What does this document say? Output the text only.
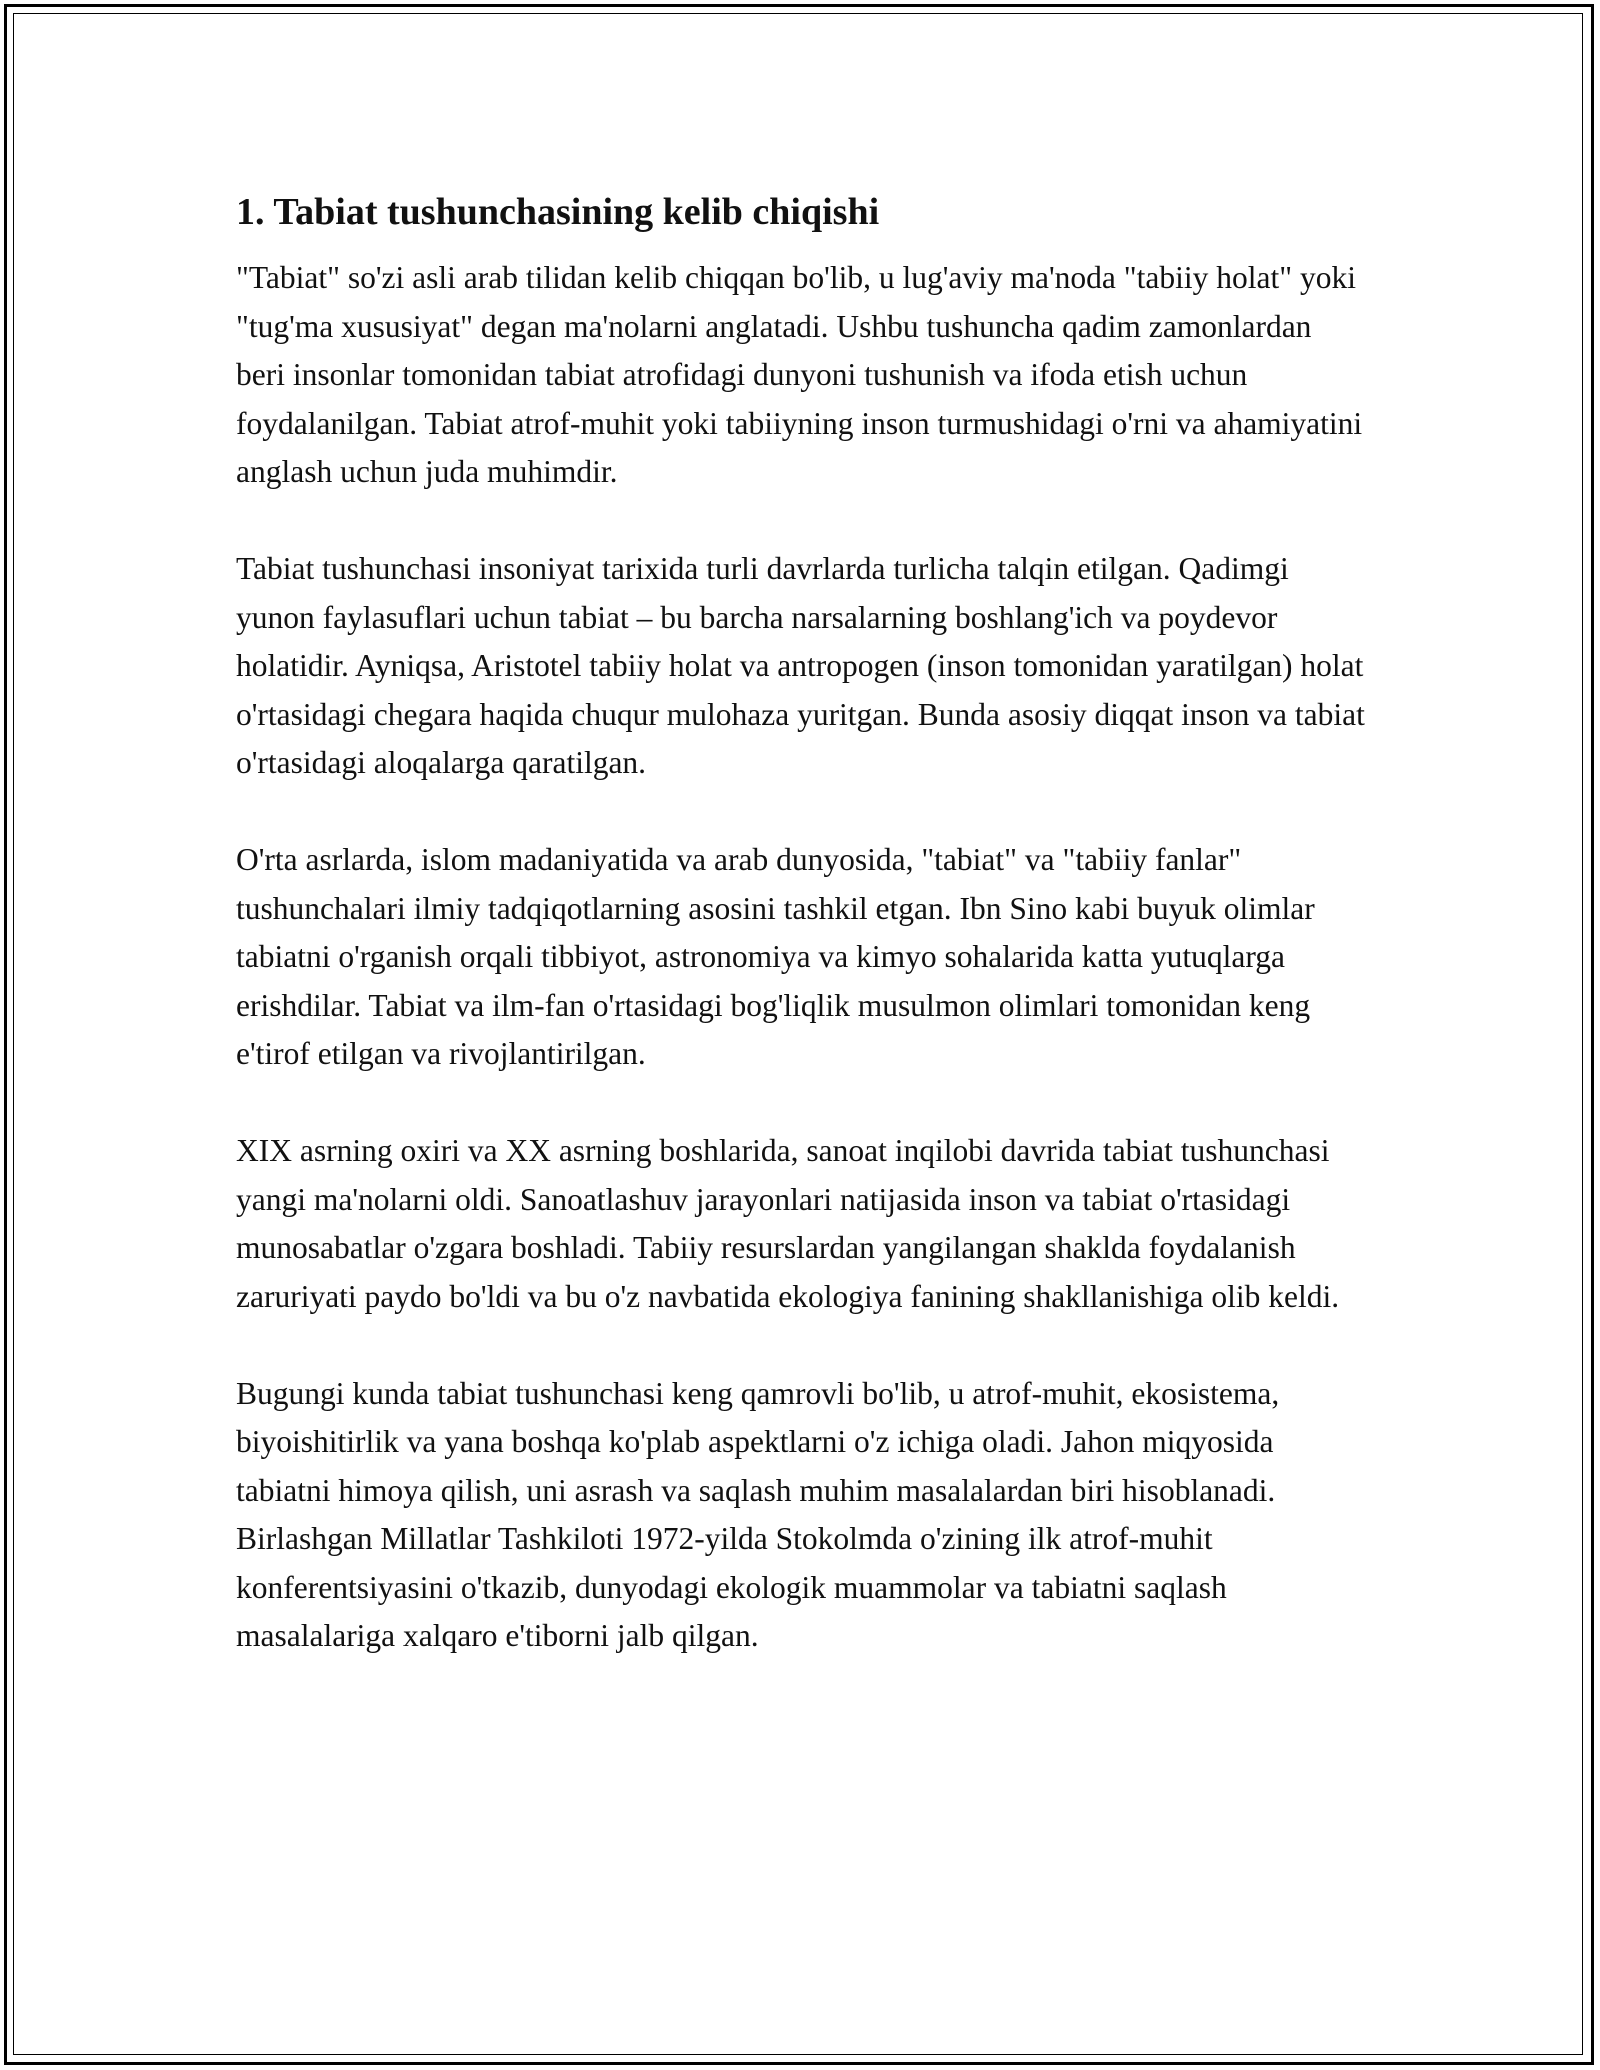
1. Tabiat tushunchasining kelib chiqishi

"Tabiat" so'zi asli arab tilidan kelib chiqqan bo'lib, u lug'aviy ma'noda "tabiiy holat" yoki "tug'ma xususiyat" degan ma'nolarni anglatadi. Ushbu tushuncha qadim zamonlardan beri insonlar tomonidan tabiat atrofidagi dunyoni tushunish va ifoda etish uchun foydalanilgan. Tabiat atrof-muhit yoki tabiiyning inson turmushidagi o'rni va ahamiyatini anglash uchun juda muhimdir.

Tabiat tushunchasi insoniyat tarixida turli davrlarda turlicha talqin etilgan. Qadimgi yunon faylasuflari uchun tabiat – bu barcha narsalarning boshlang'ich va poydevor holatidir. Ayniqsa, Aristotel tabiiy holat va antropogen (inson tomonidan yaratilgan) holat o'rtasidagi chegara haqida chuqur mulohaza yuritgan. Bunda asosiy diqqat inson va tabiat o'rtasidagi aloqalarga qaratilgan.

O'rta asrlarda, islom madaniyatida va arab dunyosida, "tabiat" va "tabiiy fanlar" tushunchalari ilmiy tadqiqotlarning asosini tashkil etgan. Ibn Sino kabi buyuk olimlar tabiatni o'rganish orqali tibbiyot, astronomiya va kimyo sohalarida katta yutuqlarga erishdilar. Tabiat va ilm-fan o'rtasidagi bog'liqlik musulmon olimlari tomonidan keng e'tirof etilgan va rivojlantirilgan.

XIX asrning oxiri va XX asrning boshlarida, sanoat inqilobi davrida tabiat tushunchasi yangi ma'nolarni oldi. Sanoatlashuv jarayonlari natijasida inson va tabiat o'rtasidagi munosabatlar o'zgara boshladi. Tabiiy resurslardan yangilangan shaklda foydalanish zaruriyati paydo bo'ldi va bu o'z navbatida ekologiya fanining shakllanishiga olib keldi.

Bugungi kunda tabiat tushunchasi keng qamrovli bo'lib, u atrof-muhit, ekosistema, biyoishitirlik va yana boshqa ko'plab aspektlarni o'z ichiga oladi. Jahon miqyosida tabiatni himoya qilish, uni asrash va saqlash muhim masalalardan biri hisoblanadi. Birlashgan Millatlar Tashkiloti 1972-yilda Stokolmda o'zining ilk atrof-muhit konferentsiyasini o'tkazib, dunyodagi ekologik muammolar va tabiatni saqlash masalalariga xalqaro e'tiborni jalb qilgan.
